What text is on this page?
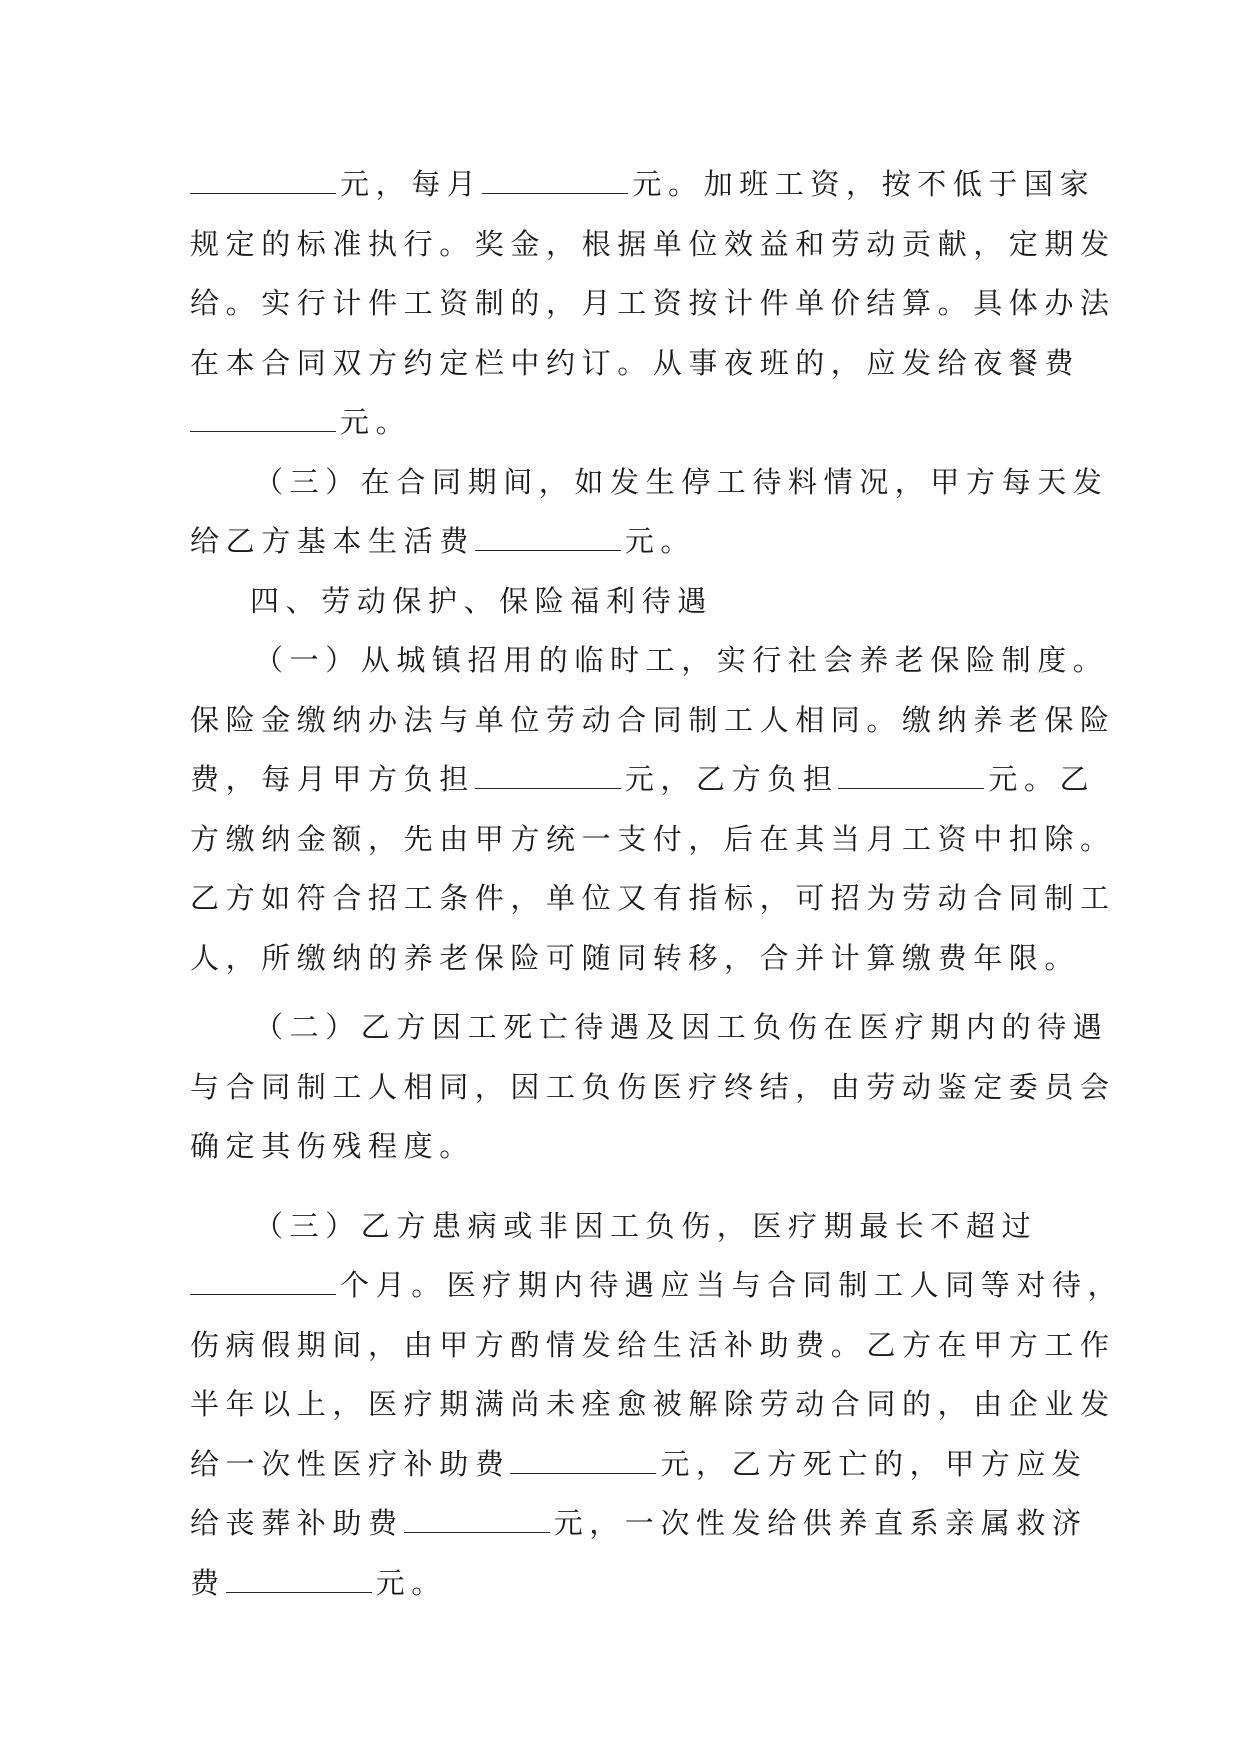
元，每月	元。加班工资，按不低于国家
规定的标准执行。奖金，根据单位效益和劳动贡献，定期发
给。实行计件工资制的，月工资按计件单价结算。具体办法
在本合同双方约定栏中约订。从事夜班的，应发给夜餐费
元。
（三）在合同期间，如发生停工待料情况，甲方每天发
给乙方基本生活费	元。
四、劳动保护、保险福利待遇
（一）从城镇招用的临时工，实行社会养老保险制度。
保险金缴纳办法与单位劳动合同制工人相同。缴纳养老保险
费，每月甲方负担	元，乙方负担	元。乙
方缴纳金额，先由甲方统一支付，后在其当月工资中扣除。
乙方如符合招工条件，单位又有指标，可招为劳动合同制工
人，所缴纳的养老保险可随同转移，合并计算缴费年限。
（二）乙方因工死亡待遇及因工负伤在医疗期内的待遇
与合同制工人相同，因工负伤医疗终结，由劳动鉴定委员会
确定其伤残程度。
（三）乙方患病或非因工负伤，医疗期最长不超过
个月。医疗期内待遇应当与合同制工人同等对待，
伤病假期间，由甲方酌情发给生活补助费。乙方在甲方工作
半年以上，医疗期满尚未痊愈被解除劳动合同的，由企业发
给一次性医疗补助费	元，乙方死亡的，甲方应发
给丧葬补助费	元，一次性发给供养直系亲属救济
费	元。
